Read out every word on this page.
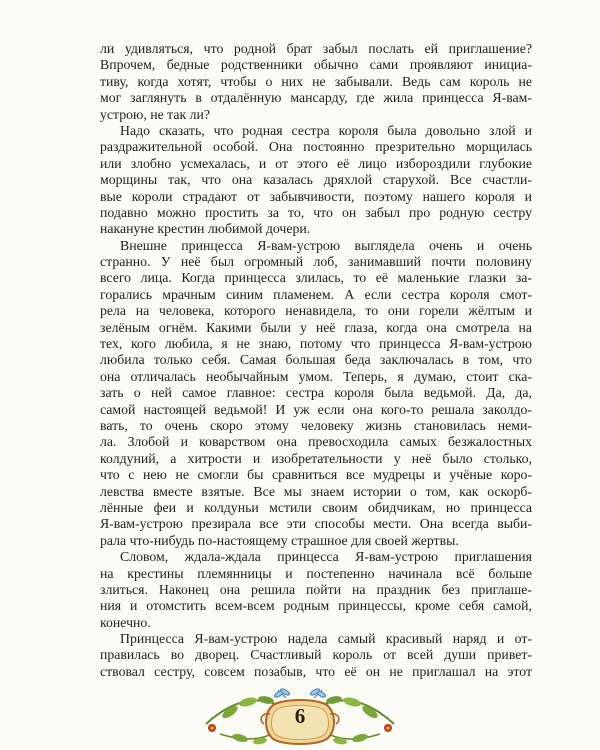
ли удивляться, что родной брат забыл послать ей приглашение?
Впрочем, бедные родственники обычно сами проявляют инициа-
тиву, когда хотят, чтобы о них не забывали. Ведь сам король не
мог заглянуть в отдалённую мансарду, где жила принцесса Я-вам-
устрою, не так ли?
Надо сказать, что родная сестра короля была довольно злой и
раздражительной особой. Она постоянно презрительно морщилась
или злобно усмехалась, и от этого её лицо избороздили глубокие
морщины так, что она казалась дряхлой старухой. Все счастли-
вые короли страдают от забывчивости, поэтому нашего короля и
подавно можно простить за то, что он забыл про родную сестру
накануне крестин любимой дочери.
Внешне принцесса Я-вам-устрою выглядела очень и очень
странно. У неё был огромный лоб, занимавший почти половину
всего лица. Когда принцесса злилась, то её маленькие глазки за-
горались мрачным синим пламенем. А если сестра короля смот-
рела на человека, которого ненавидела, то они горели жёлтым и
зелёным огнём. Какими были у неё глаза, когда она смотрела на
тех, кого любила, я не знаю, потому что принцесса Я-вам-устрою
любила только себя. Самая большая беда заключалась в том, что
она отличалась необычайным умом. Теперь, я думаю, стоит ска-
зать о ней самое главное: сестра короля была ведьмой. Да, да,
самой настоящей ведьмой! И уж если она кого-то решала заколдо-
вать, то очень скоро этому человеку жизнь становилась неми-
ла. Злобой и коварством она превосходила самых безжалостных
колдуний, а хитрости и изобретательности у неё было столько,
что с нею не смогли бы сравниться все мудрецы и учёные коро-
левства вместе взятые. Все мы знаем истории о том, как оскорб-
лённые феи и колдуньи мстили своим обидчикам, но принцесса
Я-вам-устрою презирала все эти способы мести. Она всегда выби-
рала что-нибудь по-настоящему страшное для своей жертвы.
Словом, ждала-ждала принцесса Я-вам-устрою приглашения
на крестины племянницы и постепенно начинала всё больше
злиться. Наконец она решила пойти на праздник без приглаше-
ния и отомстить всем-всем родным принцессы, кроме себя самой,
конечно.
Принцесса Я-вам-устрою надела самый красивый наряд и от-
правилась во дворец. Счастливый король от всей души привет-
ствовал сестру, совсем позабыв, что её он не приглашал на этот
6
